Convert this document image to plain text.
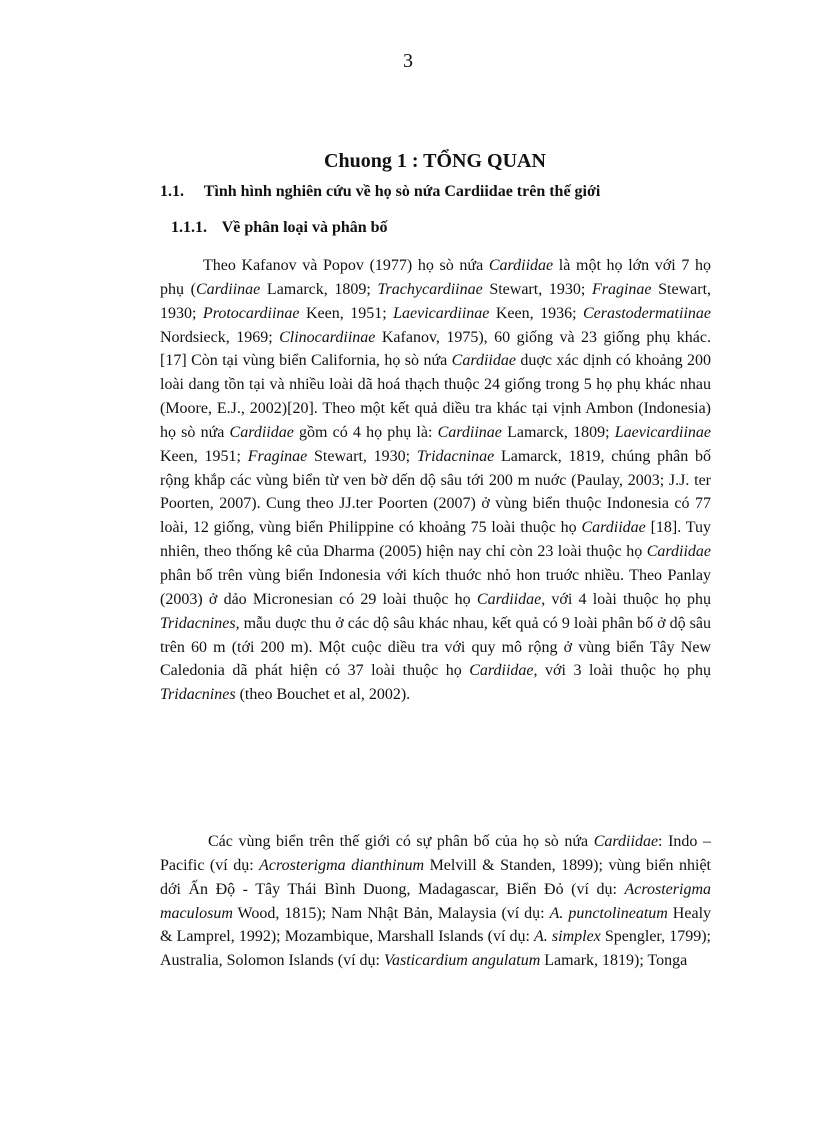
3
Chuong 1 : TỔNG QUAN
1.1. Tình hình nghiên cứu về họ sò nứa Cardiidae trên thế giới
1.1.1. Về phân loại và phân bố

Theo Kafanov và Popov (1977) họ sò nứa Cardiidae là một họ lớn với 7 họ phụ (Cardiinae Lamarck, 1809; Trachycardiinae Stewart, 1930; Fraginae Stewart, 1930; Protocardiinae Keen, 1951; Laevicardiinae Keen, 1936; Cerastodermatiinae Nordsieck, 1969; Clinocardiinae Kafanov, 1975), 60 giống và 23 giống phụ khác. [17] Còn tại vùng biển California, họ sò nứa Cardiidae duợc xác dịnh có khoảng 200 loài dang tồn tại và nhiều loài dã hoá thạch thuộc 24 giống trong 5 họ phụ khác nhau (Moore, E.J., 2002)[20]. Theo một kết quả diều tra khác tại vịnh Ambon (Indonesia) họ sò nứa Cardiidae gồm có 4 họ phụ là: Cardiinae Lamarck, 1809; Laevicardiinae Keen, 1951; Fraginae Stewart, 1930; Tridacninae Lamarck, 1819, chúng phân bố rộng khắp các vùng biển từ ven bờ dến dộ sâu tới 200 m nuớc (Paulay, 2003; J.J. ter Poorten, 2007). Cung theo JJ.ter Poorten (2007) ở vùng biển thuộc Indonesia có 77 loài, 12 giống, vùng biển Philippine có khoảng 75 loài thuộc họ Cardiidae [18]. Tuy nhiên, theo thống kê của Dharma (2005) hiện nay chỉ còn 23 loài thuộc họ Cardiidae phân bố trên vùng biển Indonesia với kích thuớc nhỏ hon truớc nhiều. Theo Panlay (2003) ở dảo Micronesian có 29 loài thuộc họ Cardiidae, với 4 loài thuộc họ phụ Tridacnines, mẫu duợc thu ở các dộ sâu khác nhau, kết quả có 9 loài phân bố ở dộ sâu trên 60 m (tới 200 m). Một cuộc diều tra với quy mô rộng ở vùng biển Tây New Caledonia dã phát hiện có 37 loài thuộc họ Cardiidae, với 3 loài thuộc họ phụ Tridacnines (theo Bouchet et al, 2002).

Các vùng biển trên thế giới có sự phân bố của họ sò nứa Cardiidae: Indo – Pacific (ví dụ: Acrosterigma dianthinum Melvill & Standen, 1899); vùng biển nhiệt dới Ấn Độ - Tây Thái Bình Duong, Madagascar, Biển Đỏ (ví dụ: Acrosterigma maculosum Wood, 1815); Nam Nhật Bản, Malaysia (ví dụ: A. punctolineatum Healy & Lamprel, 1992); Mozambique, Marshall Islands (ví dụ: A. simplex Spengler, 1799); Australia, Solomon Islands (ví dụ: Vasticardium angulatum Lamark, 1819); Tonga
